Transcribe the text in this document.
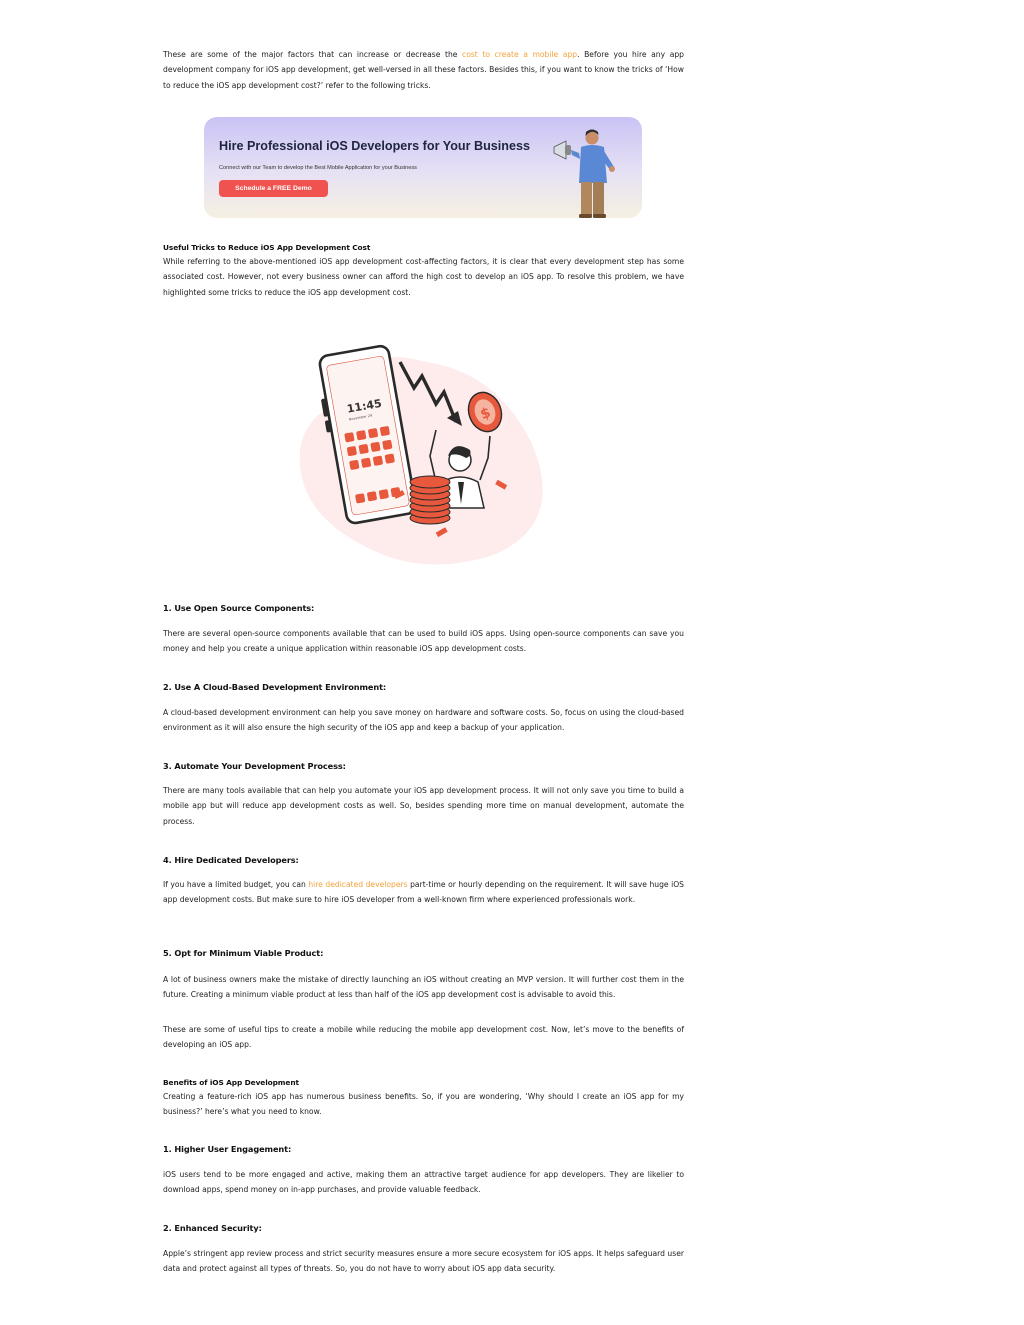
These are some of the major factors that can increase or decrease the cost to create a mobile app. Before you hire any app development company for iOS app development, get well-versed in all these factors. Besides this, if you want to know the tricks of ‘How to reduce the iOS app development cost?’ refer to the following tricks.

Hire Professional iOS Developers for Your Business
Connect with our Team to develop the Best Mobile Application for your Business
Schedule a FREE Demo
Useful Tricks to Reduce iOS App Development Cost

While referring to the above-mentioned iOS app development cost-affecting factors, it is clear that every development step has some associated cost. However, not every business owner can afford the high cost to develop an iOS app. To resolve this problem, we have highlighted some tricks to reduce the iOS app development cost.

11:45
November 29	$
1. Use Open Source Components:

There are several open-source components available that can be used to build iOS apps. Using open-source components can save you money and help you create a unique application within reasonable iOS app development costs.

2. Use A Cloud-Based Development Environment:

A cloud-based development environment can help you save money on hardware and software costs. So, focus on using the cloud-based environment as it will also ensure the high security of the iOS app and keep a backup of your application.

3. Automate Your Development Process:

There are many tools available that can help you automate your iOS app development process. It will not only save you time to build a mobile app but will reduce app development costs as well. So, besides spending more time on manual development, automate the process.

4. Hire Dedicated Developers:

If you have a limited budget, you can hire dedicated developers part-time or hourly depending on the requirement. It will save huge iOS app development costs. But make sure to hire iOS developer from a well-known firm where experienced professionals work.

5. Opt for Minimum Viable Product:

A lot of business owners make the mistake of directly launching an iOS without creating an MVP version. It will further cost them in the future. Creating a minimum viable product at less than half of the iOS app development cost is advisable to avoid this.

These are some of useful tips to create a mobile while reducing the mobile app development cost. Now, let’s move to the benefits of developing an iOS app.

Benefits of iOS App Development

Creating a feature-rich iOS app has numerous business benefits. So, if you are wondering, ‘Why should I create an iOS app for my business?’ here’s what you need to know.

1. Higher User Engagement:

iOS users tend to be more engaged and active, making them an attractive target audience for app developers. They are likelier to download apps, spend money on in-app purchases, and provide valuable feedback.

2. Enhanced Security:

Apple’s stringent app review process and strict security measures ensure a more secure ecosystem for iOS apps. It helps safeguard user data and protect against all types of threats. So, you do not have to worry about iOS app data security.
